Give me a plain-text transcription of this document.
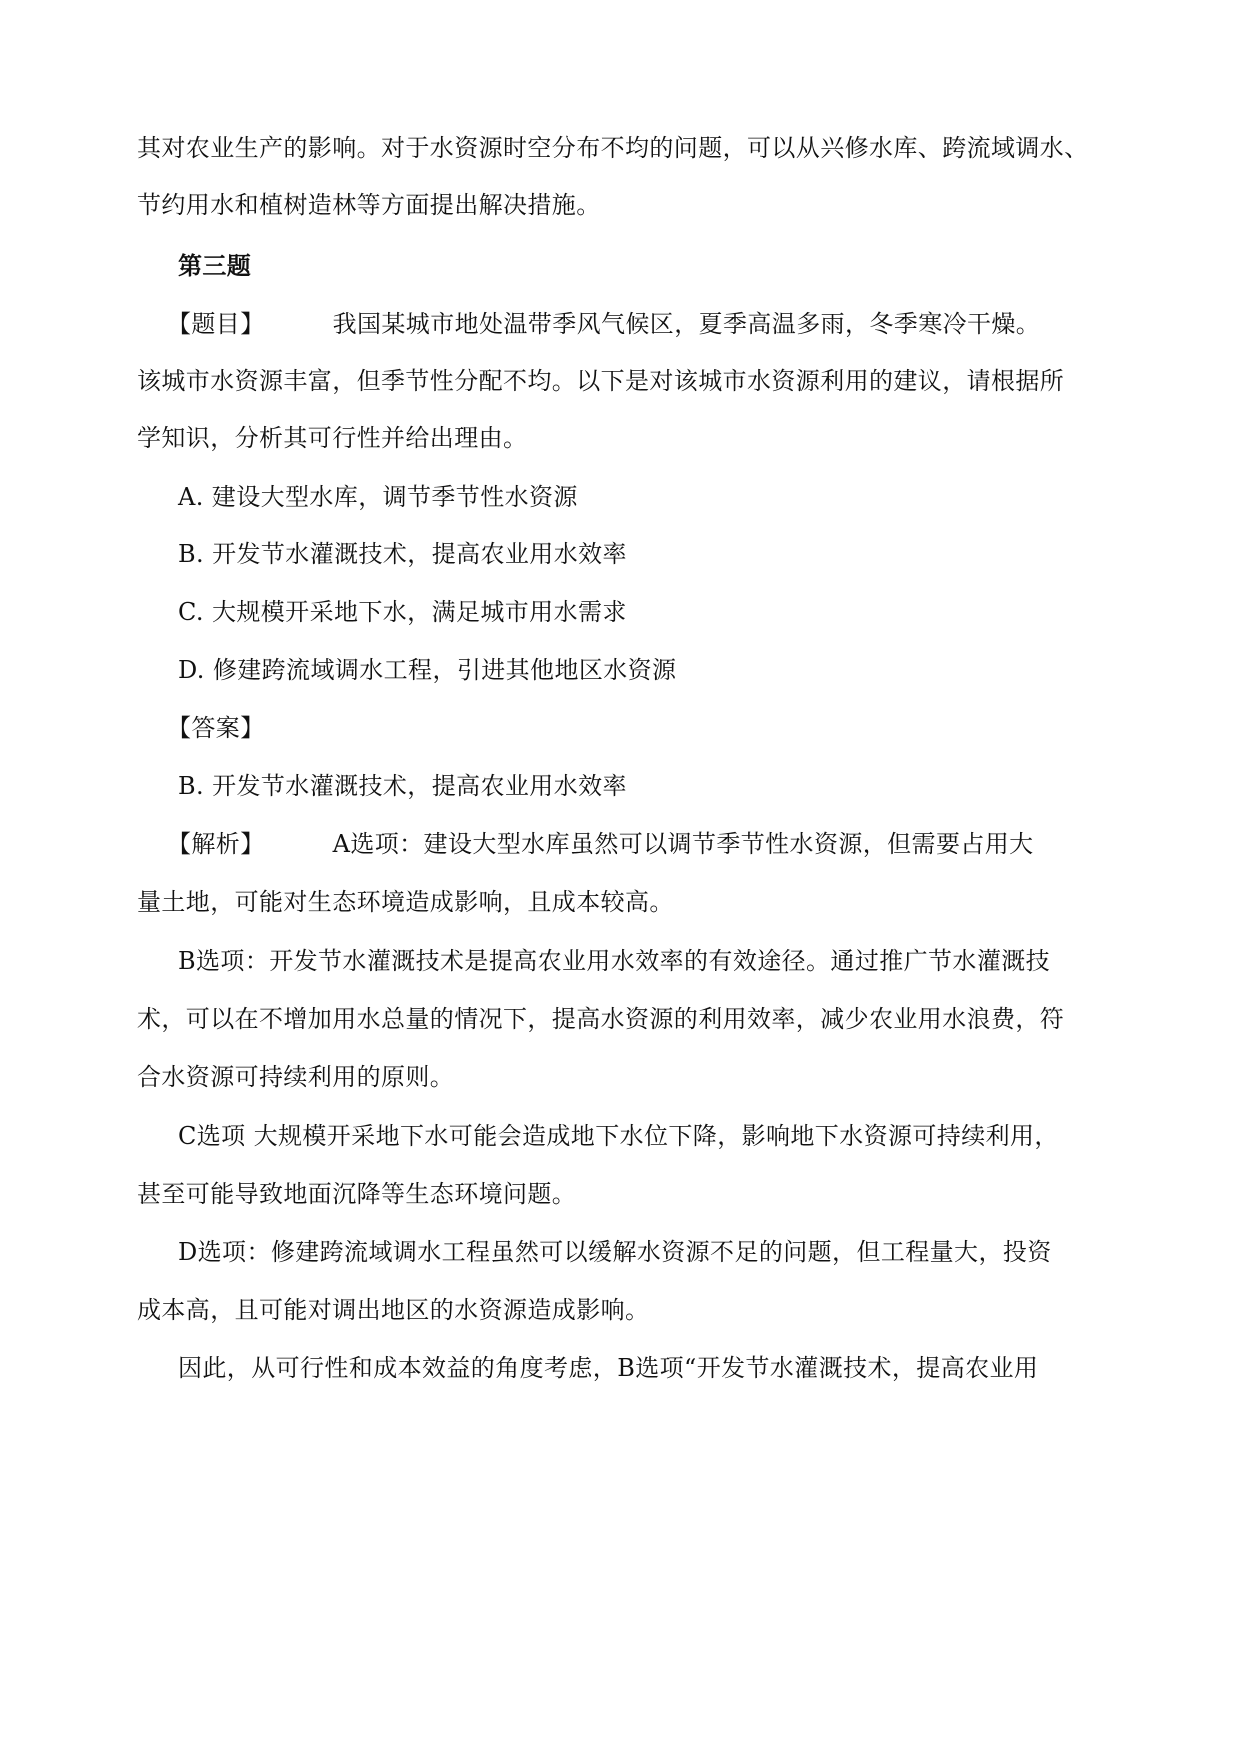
其对农业生产的影响。对于水资源时空分布不均的问题，可以从兴修水库、跨流域调水、
节约用水和植树造林等方面提出解决措施。
第三题
【题目】	我国某城市地处温带季风气候区，夏季高温多雨，冬季寒冷干燥。
该城市水资源丰富，但季节性分配不均。以下是对该城市水资源利用的建议，请根据所
学知识，分析其可行性并给出理由。
A. 建设大型水库，调节季节性水资源
B. 开发节水灌溉技术，提高农业用水效率
C. 大规模开采地下水，满足城市用水需求
D. 修建跨流域调水工程，引进其他地区水资源
【答案】
B. 开发节水灌溉技术，提高农业用水效率
【解析】	A选项：建设大型水库虽然可以调节季节性水资源，但需要占用大
量土地，可能对生态环境造成影响，且成本较高。
B选项：开发节水灌溉技术是提高农业用水效率的有效途径。通过推广节水灌溉技
术，可以在不增加用水总量的情况下，提高水资源的利用效率，减少农业用水浪费，符
合水资源可持续利用的原则。
C选项 大规模开采地下水可能会造成地下水位下降，影响地下水资源可持续利用，
甚至可能导致地面沉降等生态环境问题。
D选项：修建跨流域调水工程虽然可以缓解水资源不足的问题，但工程量大，投资
成本高，且可能对调出地区的水资源造成影响。
因此，从可行性和成本效益的角度考虑，B选项“开发节水灌溉技术，提高农业用
